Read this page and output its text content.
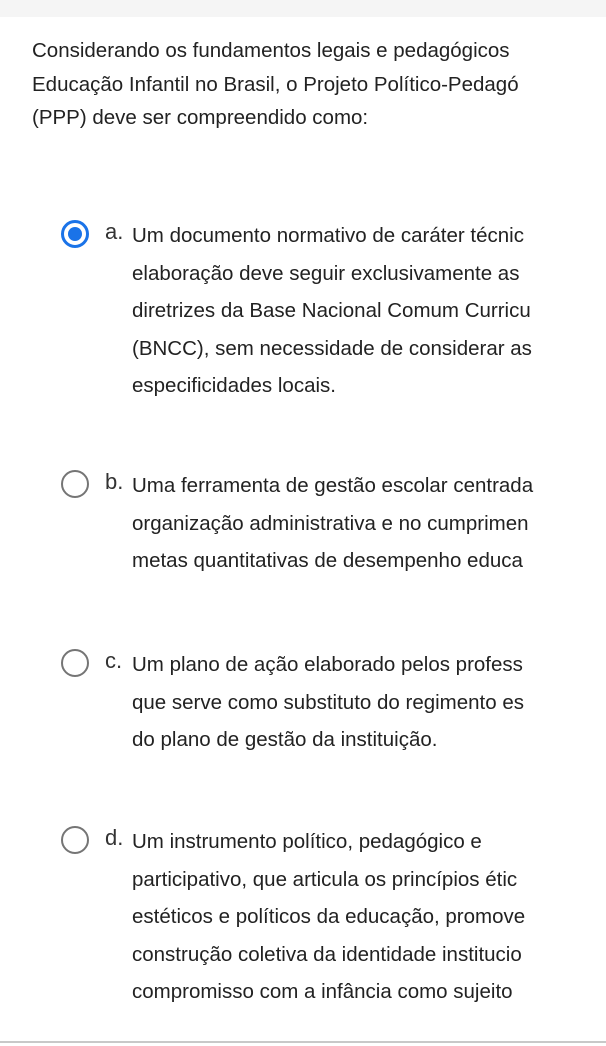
Considerando os fundamentos legais e pedagógicos
Educação Infantil no Brasil, o Projeto Político-Pedagó
(PPP) deve ser compreendido como:
a. Um documento normativo de caráter técnic
elaboração deve seguir exclusivamente as
diretrizes da Base Nacional Comum Curricu
(BNCC), sem necessidade de considerar as
especificidades locais.
b. Uma ferramenta de gestão escolar centrada
organização administrativa e no cumprimen
metas quantitativas de desempenho educa
c. Um plano de ação elaborado pelos profess
que serve como substituto do regimento es
do plano de gestão da instituição.
d. Um instrumento político, pedagógico e
participativo, que articula os princípios étic
estéticos e políticos da educação, promove
construção coletiva da identidade institucio
compromisso com a infância como sujeito
